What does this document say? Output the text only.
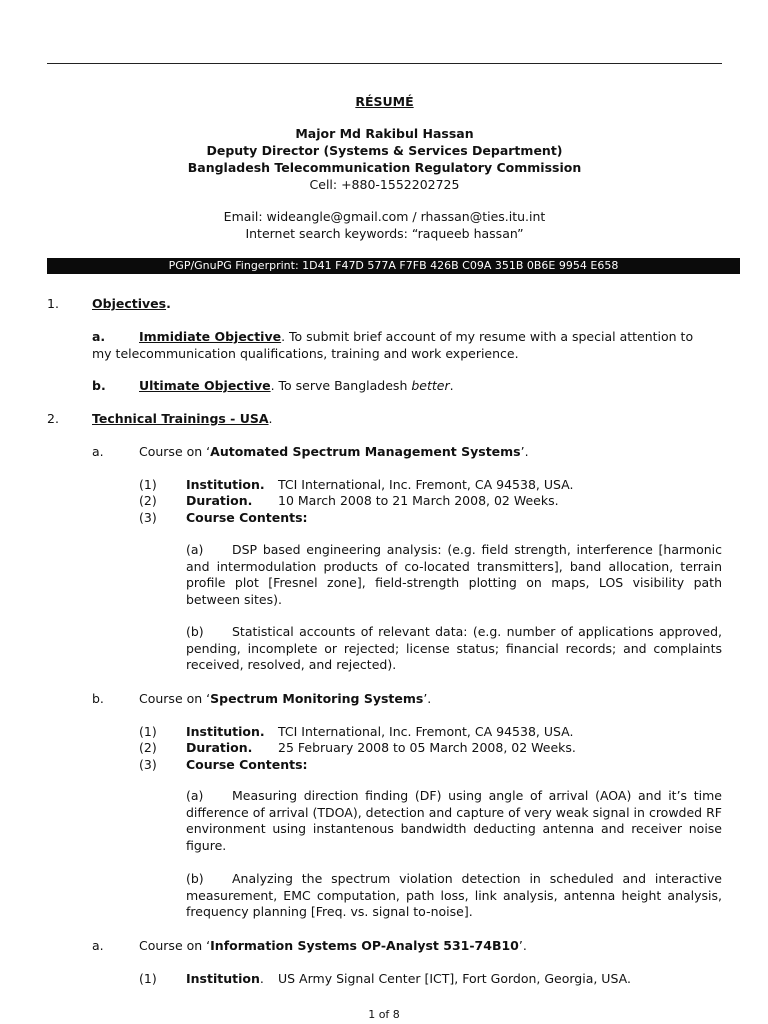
RÉSUMÉ
Major Md Rakibul Hassan
Deputy Director (Systems & Services Department)
Bangladesh Telecommunication Regulatory Commission
Cell: +880-1552202725
Email: wideangle@gmail.com / rhassan@ties.itu.int
Internet search keywords: “raqueeb hassan”
PGP/GnuPG Fingerprint: 1D41 F47D 577A F7FB 426B C09A 351B 0B6E 9954 E658
1.	Objectives.
a.	Immidiate Objective. To submit brief account of my resume with a special attention to
my telecommunication qualifications, training and work experience.
b.	Ultimate Objective. To serve Bangladesh better.
2.	Technical Trainings - USA.
a.	Course on ‘Automated Spectrum Management Systems’.
(1) Institution. TCI International, Inc. Fremont, CA 94538, USA.
(2) Duration. 10 March 2008 to 21 March 2008, 02 Weeks.
(3) Course Contents:
(a) DSP based engineering analysis: (e.g. field strength, interference [harmonic and intermodulation products of co-located transmitters], band allocation, terrain profile plot [Fresnel zone], field-strength plotting on maps, LOS visibility path between sites).
(b) Statistical accounts of relevant data: (e.g. number of applications approved, pending, incomplete or rejected; license status; financial records; and complaints received, resolved, and rejected).
b.	Course on ‘Spectrum Monitoring Systems’.
(1) Institution. TCI International, Inc. Fremont, CA 94538, USA.
(2) Duration. 25 February 2008 to 05 March 2008, 02 Weeks.
(3) Course Contents:
(a) Measuring direction finding (DF) using angle of arrival (AOA) and it’s time difference of arrival (TDOA), detection and capture of very weak signal in crowded RF environment using instantenous bandwidth deducting antenna and receiver noise figure.
(b) Analyzing the spectrum violation detection in scheduled and interactive measurement, EMC computation, path loss, link analysis, antenna height analysis, frequency planning [Freq. vs. signal to-noise].
a.	Course on ‘Information Systems OP-Analyst 531-74B10’.
(1) Institution. US Army Signal Center [ICT], Fort Gordon, Georgia, USA.
1 of 8
